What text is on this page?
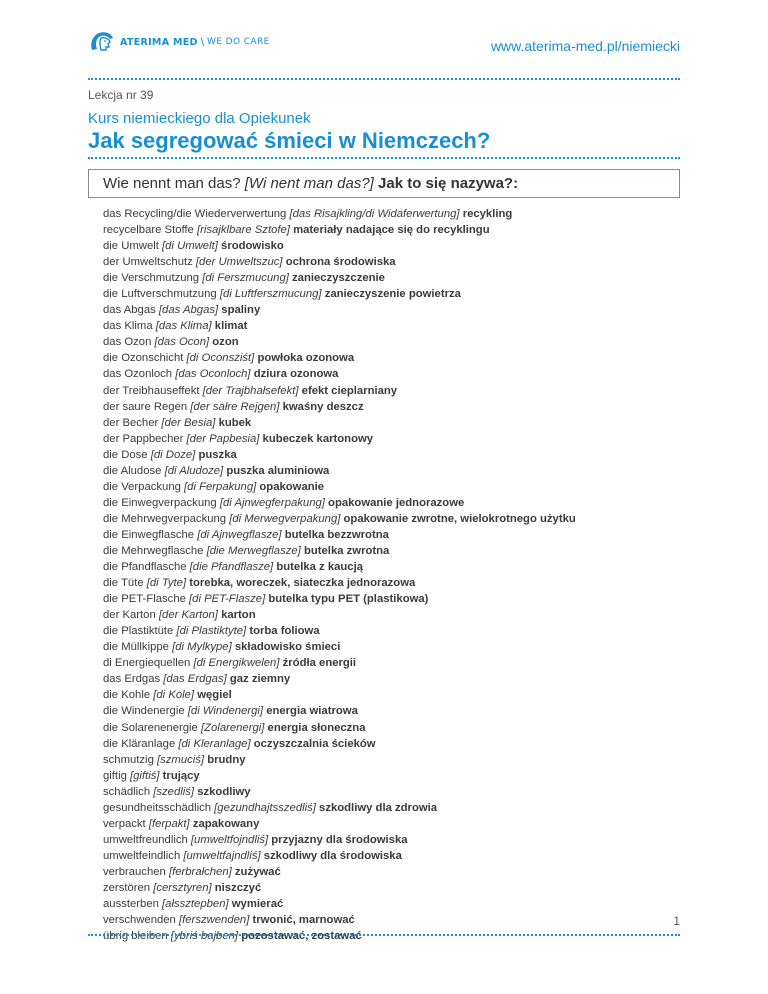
ATERIMA MED \ WE DO CARE	www.aterima-med.pl/niemiecki
Lekcja nr 39
Kurs niemieckiego dla Opiekunek
Jak segregować śmieci w Niemczech?
Wie nennt man das? [Wi nent man das?] Jak to się nazywa?:
das Recycling/die Wiederverwertung [das Risajkling/di Widaferwertung] recykling
recycelbare Stoffe [risajklbare Sztofe] materiały nadające się do recyklingu
die Umwelt [di Umwelt] środowisko
der Umweltschutz [der Umweltszuc] ochrona środowiska
die Verschmutzung [di Ferszmucung] zanieczyszczenie
die Luftverschmutzung [di Luftferszmucung] zanieczyszenie powietrza
das Abgas [das Abgas] spaliny
das Klima [das Klima] klimat
das Ozon [das Ocon] ozon
die Ozonschicht [di Oconsziśt] powłoka ozonowa
das Ozonloch [das Oconloch] dziura ozonowa
der Treibhauseffekt [der Trajbhałsefekt] efekt cieplarniany
der saure Regen [der sałre Rejgen] kwaśny deszcz
der Becher [der Besia] kubek
der Pappbecher [der Papbesia] kubeczek kartonowy
die Dose [di Doze] puszka
die Aludose [di Aludoze] puszka aluminiowa
die Verpackung [di Ferpakung] opakowanie
die Einwegverpackung [di Ajnwegferpakung] opakowanie jednorazowe
die Mehrwegverpackung [di Merwegverpakung] opakowanie zwrotne, wielokrotnego użytku
die Einwegflasche [di Ajnwegflasze] butelka bezzwrotna
die Mehrwegflasche [die Merwegflasze] butelka zwrotna
die Pfandflasche [die Pfandflasze] butelka z kaucją
die Tüte [di Tyte] torebka, woreczek, siateczka jednorazowa
die PET-Flasche [di PET-Flasze] butelka typu PET (plastikowa)
der Karton [der Karton] karton
die Plastiktüte [di Plastiktyte] torba foliowa
die Müllkippe [di Mylkype] składowisko śmieci
di Energiequellen [di Energikwelen] źródła energii
das Erdgas [das Erdgas] gaz ziemny
die Kohle [di Kole] węgiel
die Windenergie [di Windenergi] energia wiatrowa
die Solarenenergie [Zolarenergi] energia słoneczna
die Kläranlage [di Kleranlage] oczyszczalnia ścieków
schmutzig [szmuciś] brudny
giftig [giftiś] trujący
schädlich [szedliś] szkodliwy
gesundheitsschädlich [gezundhajtsszedliś] szkodliwy dla zdrowia
verpackt [ferpakt] zapakowany
umweltfreundlich [umweltfojndliś] przyjazny dla środowiska
umweltfeindlich [umweltfajndliś] szkodliwy dla środowiska
verbrauchen [ferbrałchen] zużywać
zerstören [cersztyren] niszczyć
aussterben [ałssztерben] wymierać
verschwenden [ferszwenden] trwonić, marnować
übrig bleiben [ybriś bajben] pozostawać, zostawać
1
